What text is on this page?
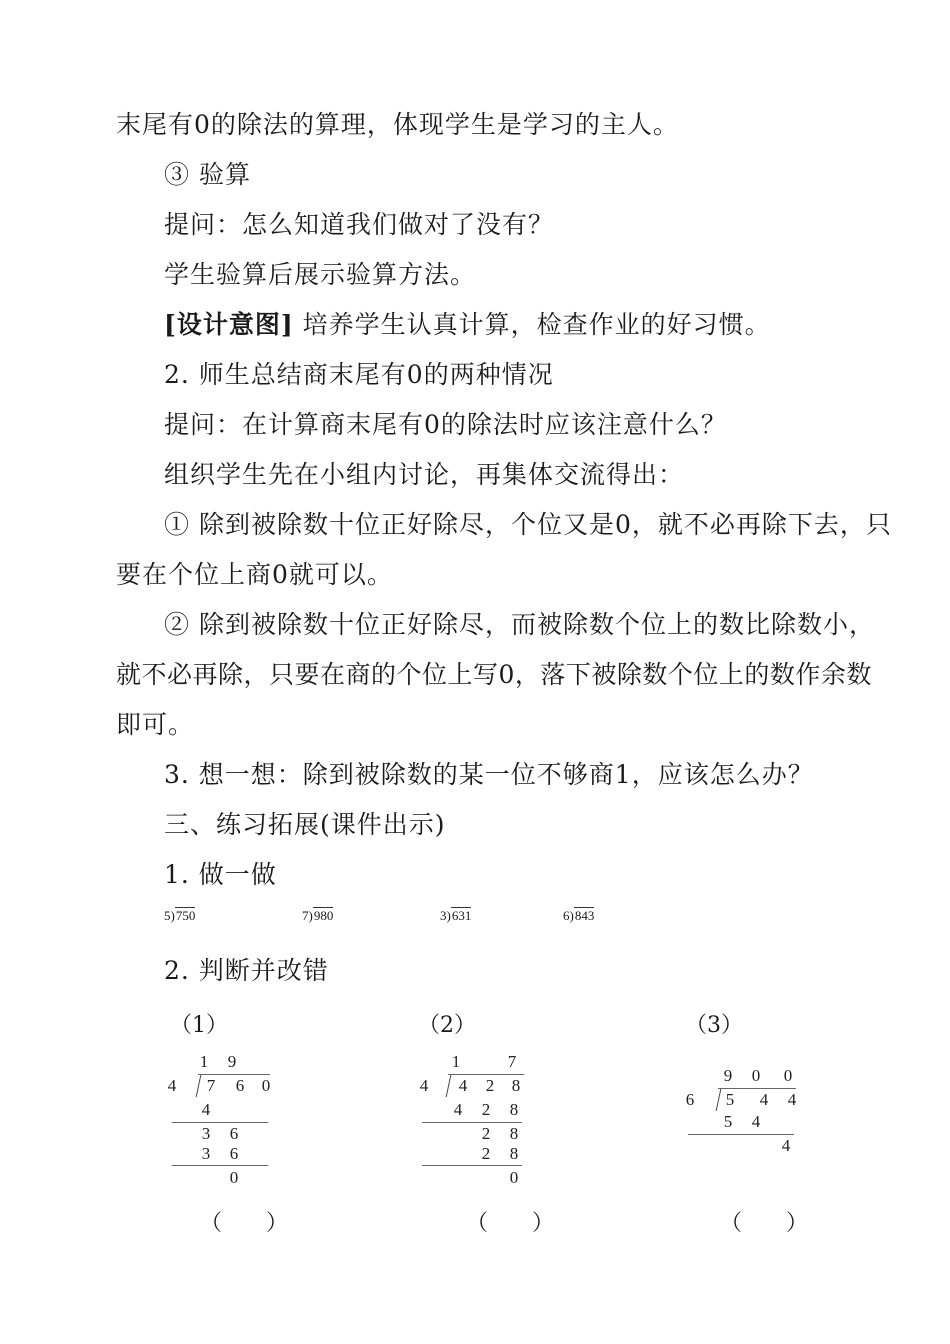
末尾有0的除法的算理，体现学生是学习的主人。
③ 验算
提问：怎么知道我们做对了没有？
学生验算后展示验算方法。
[设计意图] 培养学生认真计算，检查作业的好习惯。
2. 师生总结商末尾有0的两种情况
提问：在计算商末尾有0的除法时应该注意什么？
组织学生先在小组内讨论，再集体交流得出：
① 除到被除数十位正好除尽，个位又是0，就不必再除下去，只
要在个位上商0就可以。
② 除到被除数十位正好除尽，而被除数个位上的数比除数小，
就不必再除，只要在商的个位上写0，落下被除数个位上的数作余数
即可。
3. 想一想：除到被除数的某一位不够商1，应该怎么办？
三、练习拓展(课件出示)
1. 做一做
5)750	7)980	3)631	6)843
2. 判断并改错
（1）	（2）	（3）
1 9
4 7 6 0
4
3 6
3 6
0
1	7
4 4 2 8
4 2 8
2 8
2 8
0
9 0 0
6 5 4 4
5 4
4
（　　）	（　　）	（　　）
